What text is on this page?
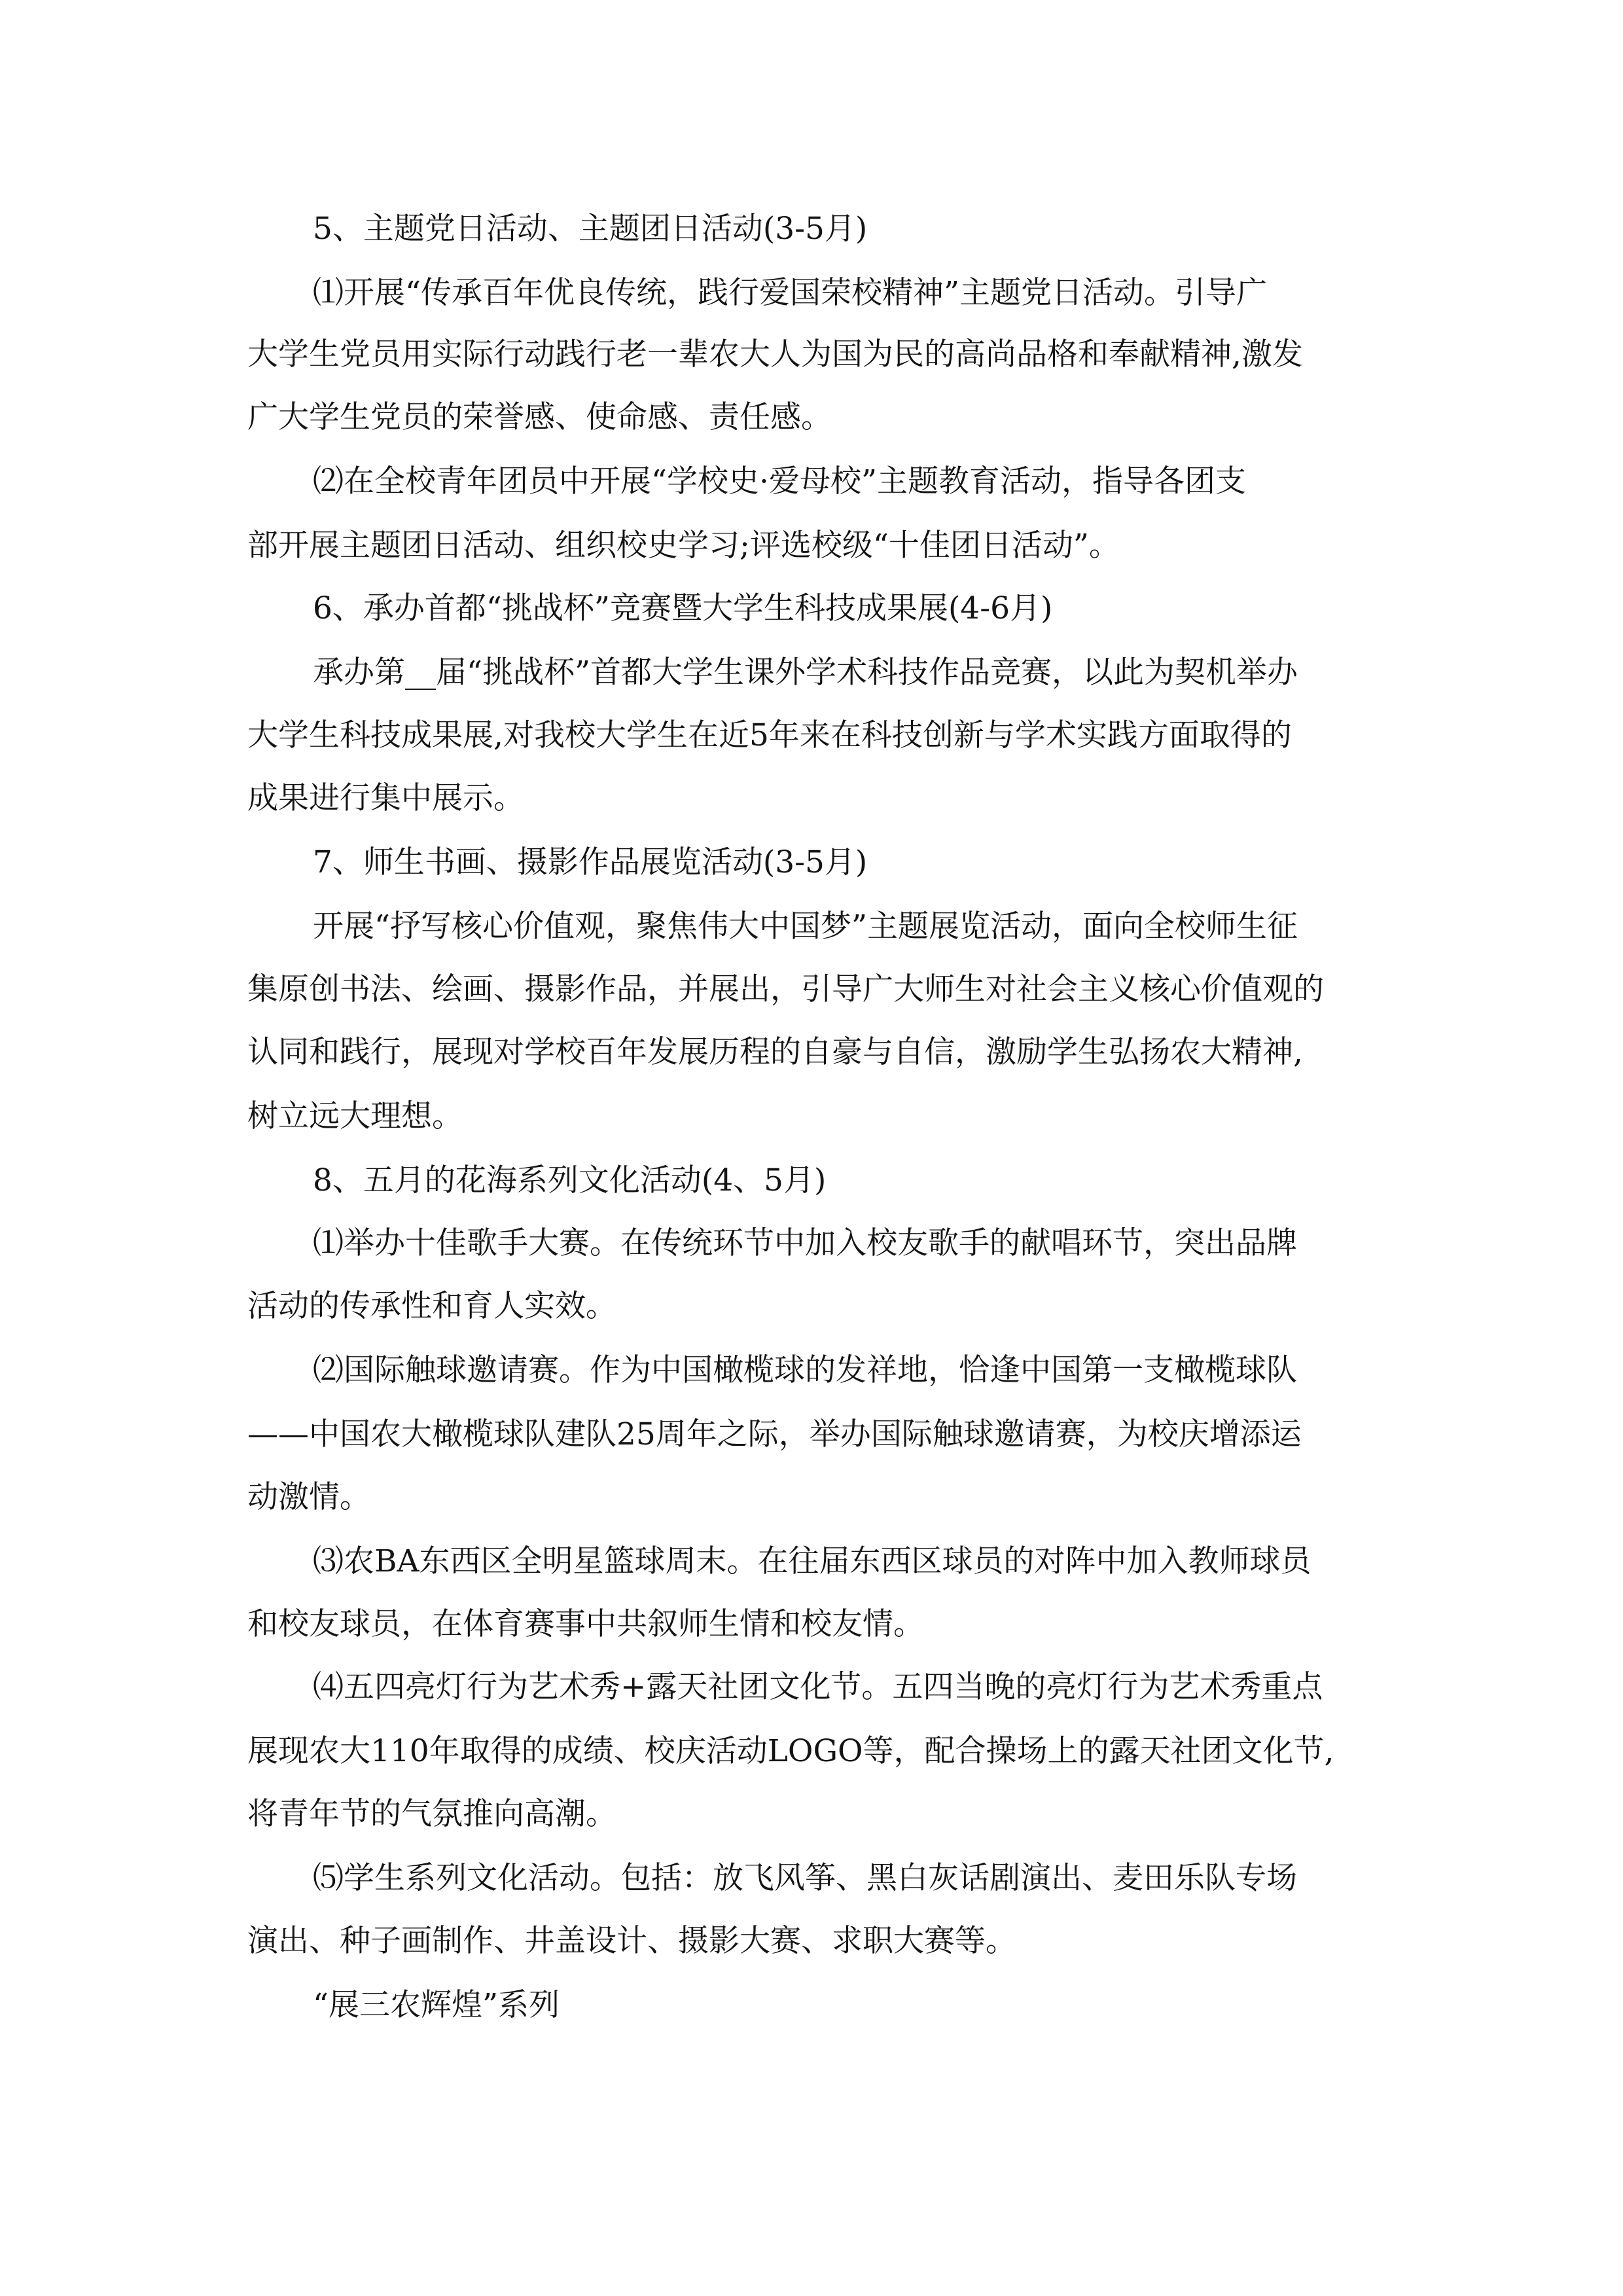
5、主题党日活动、主题团日活动(3-5月)

⑴开展“传承百年优良传统，践行爱国荣校精神”主题党日活动。引导广

大学生党员用实际行动践行老一辈农大人为国为民的高尚品格和奉献精神,激发

广大学生党员的荣誉感、使命感、责任感。

⑵在全校青年团员中开展“学校史·爱母校”主题教育活动，指导各团支

部开展主题团日活动、组织校史学习;评选校级“十佳团日活动”。

6、承办首都“挑战杯”竞赛暨大学生科技成果展(4-6月)

承办第__届“挑战杯”首都大学生课外学术科技作品竞赛，以此为契机举办

大学生科技成果展,对我校大学生在近5年来在科技创新与学术实践方面取得的

成果进行集中展示。

7、师生书画、摄影作品展览活动(3-5月)

开展“抒写核心价值观，聚焦伟大中国梦”主题展览活动，面向全校师生征

集原创书法、绘画、摄影作品，并展出，引导广大师生对社会主义核心价值观的

认同和践行，展现对学校百年发展历程的自豪与自信，激励学生弘扬农大精神,

树立远大理想。

8、五月的花海系列文化活动(4、5月)

⑴举办十佳歌手大赛。在传统环节中加入校友歌手的献唱环节，突出品牌

活动的传承性和育人实效。

⑵国际触球邀请赛。作为中国橄榄球的发祥地，恰逢中国第一支橄榄球队

——中国农大橄榄球队建队25周年之际，举办国际触球邀请赛，为校庆增添运

动激情。

⑶农BA东西区全明星篮球周末。在往届东西区球员的对阵中加入教师球员

和校友球员，在体育赛事中共叙师生情和校友情。

⑷五四亮灯行为艺术秀+露天社团文化节。五四当晚的亮灯行为艺术秀重点

展现农大110年取得的成绩、校庆活动LOGO等，配合操场上的露天社团文化节,

将青年节的气氛推向高潮。

⑸学生系列文化活动。包括：放飞风筝、黑白灰话剧演出、麦田乐队专场

演出、种子画制作、井盖设计、摄影大赛、求职大赛等。

“展三农辉煌”系列
